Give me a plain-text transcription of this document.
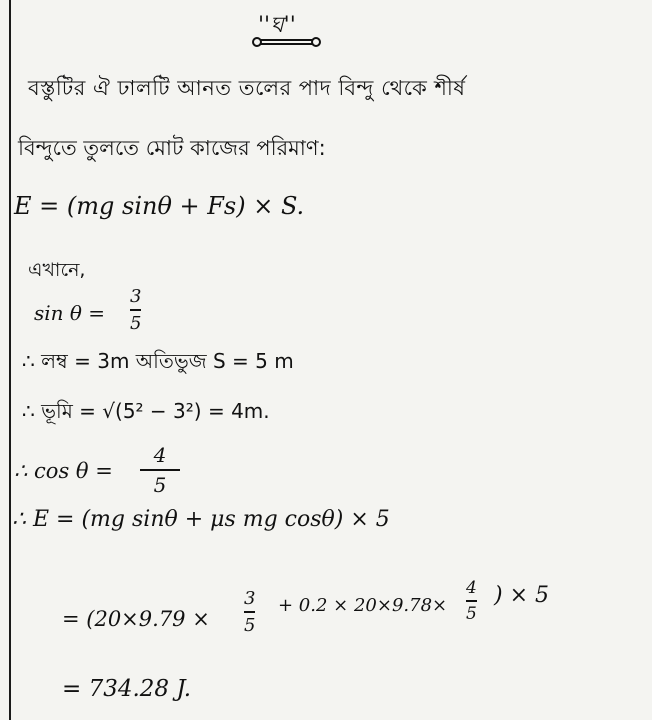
''ঘ''
বস্তুটির ঐ ঢালটি আনত তলের পাদ বিন্দু থেকে শীর্ষ
বিন্দুতে তুলতে মোট কাজের পরিমাণ:
E = (mg sinθ + Fs) × S.
এখানে,
sin θ =
3
5
∴ লম্ব = 3m অতিভুজ S = 5 m
∴ ভূমি = √(5² − 3²) = 4m.
∴ cos θ =
4
5
∴ E = (mg sinθ + μs mg cosθ) × 5
= (20×9.79 ×
3
5
+ 0.2 × 20×9.78×
4
5
) × 5
= 734.28 J.
